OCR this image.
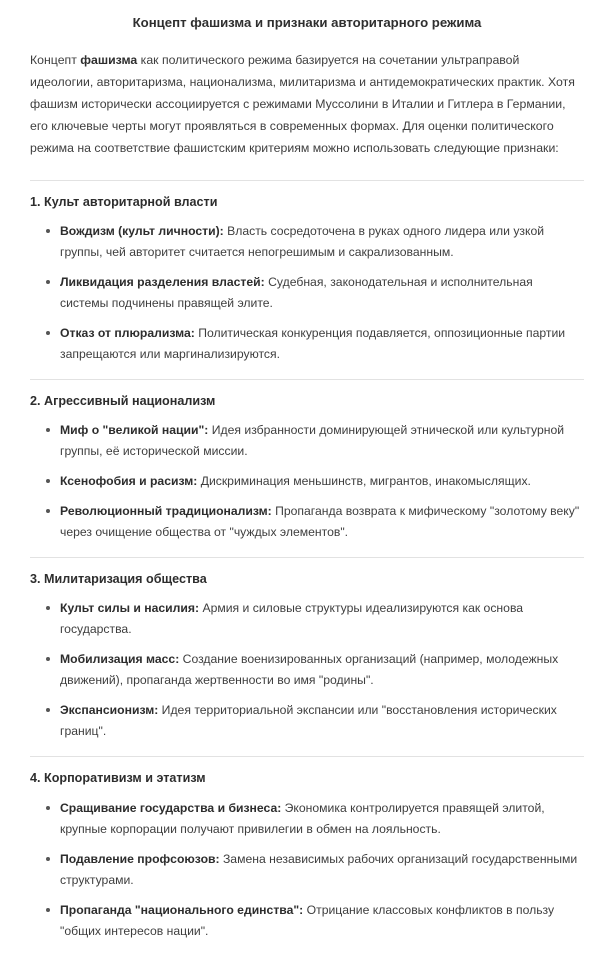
Концепт фашизма и признаки авторитарного режима

Концепт фашизма как политического режима базируется на сочетании ультраправой идеологии, авторитаризма, национализма, милитаризма и антидемократических практик. Хотя фашизм исторически ассоциируется с режимами Муссолини в Италии и Гитлера в Германии, его ключевые черты могут проявляться в современных формах. Для оценки политического режима на соответствие фашистским критериям можно использовать следующие признаки:

1. Культ авторитарной власти
Вождизм (культ личности): Власть сосредоточена в руках одного лидера или узкой группы, чей авторитет считается непогрешимым и сакрализованным.
Ликвидация разделения властей: Судебная, законодательная и исполнительная системы подчинены правящей элите.
Отказ от плюрализма: Политическая конкуренция подавляется, оппозиционные партии запрещаются или маргинализируются.
2. Агрессивный национализм
Миф о "великой нации": Идея избранности доминирующей этнической или культурной группы, её исторической миссии.
Ксенофобия и расизм: Дискриминация меньшинств, мигрантов, инакомыслящих.
Революционный традиционализм: Пропаганда возврата к мифическому "золотому веку" через очищение общества от "чуждых элементов".
3. Милитаризация общества
Культ силы и насилия: Армия и силовые структуры идеализируются как основа государства.
Мобилизация масс: Создание военизированных организаций (например, молодежных движений), пропаганда жертвенности во имя "родины".
Экспансионизм: Идея территориальной экспансии или "восстановления исторических границ".
4. Корпоративизм и этатизм
Сращивание государства и бизнеса: Экономика контролируется правящей элитой, крупные корпорации получают привилегии в обмен на лояльность.
Подавление профсоюзов: Замена независимых рабочих организаций государственными структурами.
Пропаганда "национального единства": Отрицание классовых конфликтов в пользу "общих интересов нации".
